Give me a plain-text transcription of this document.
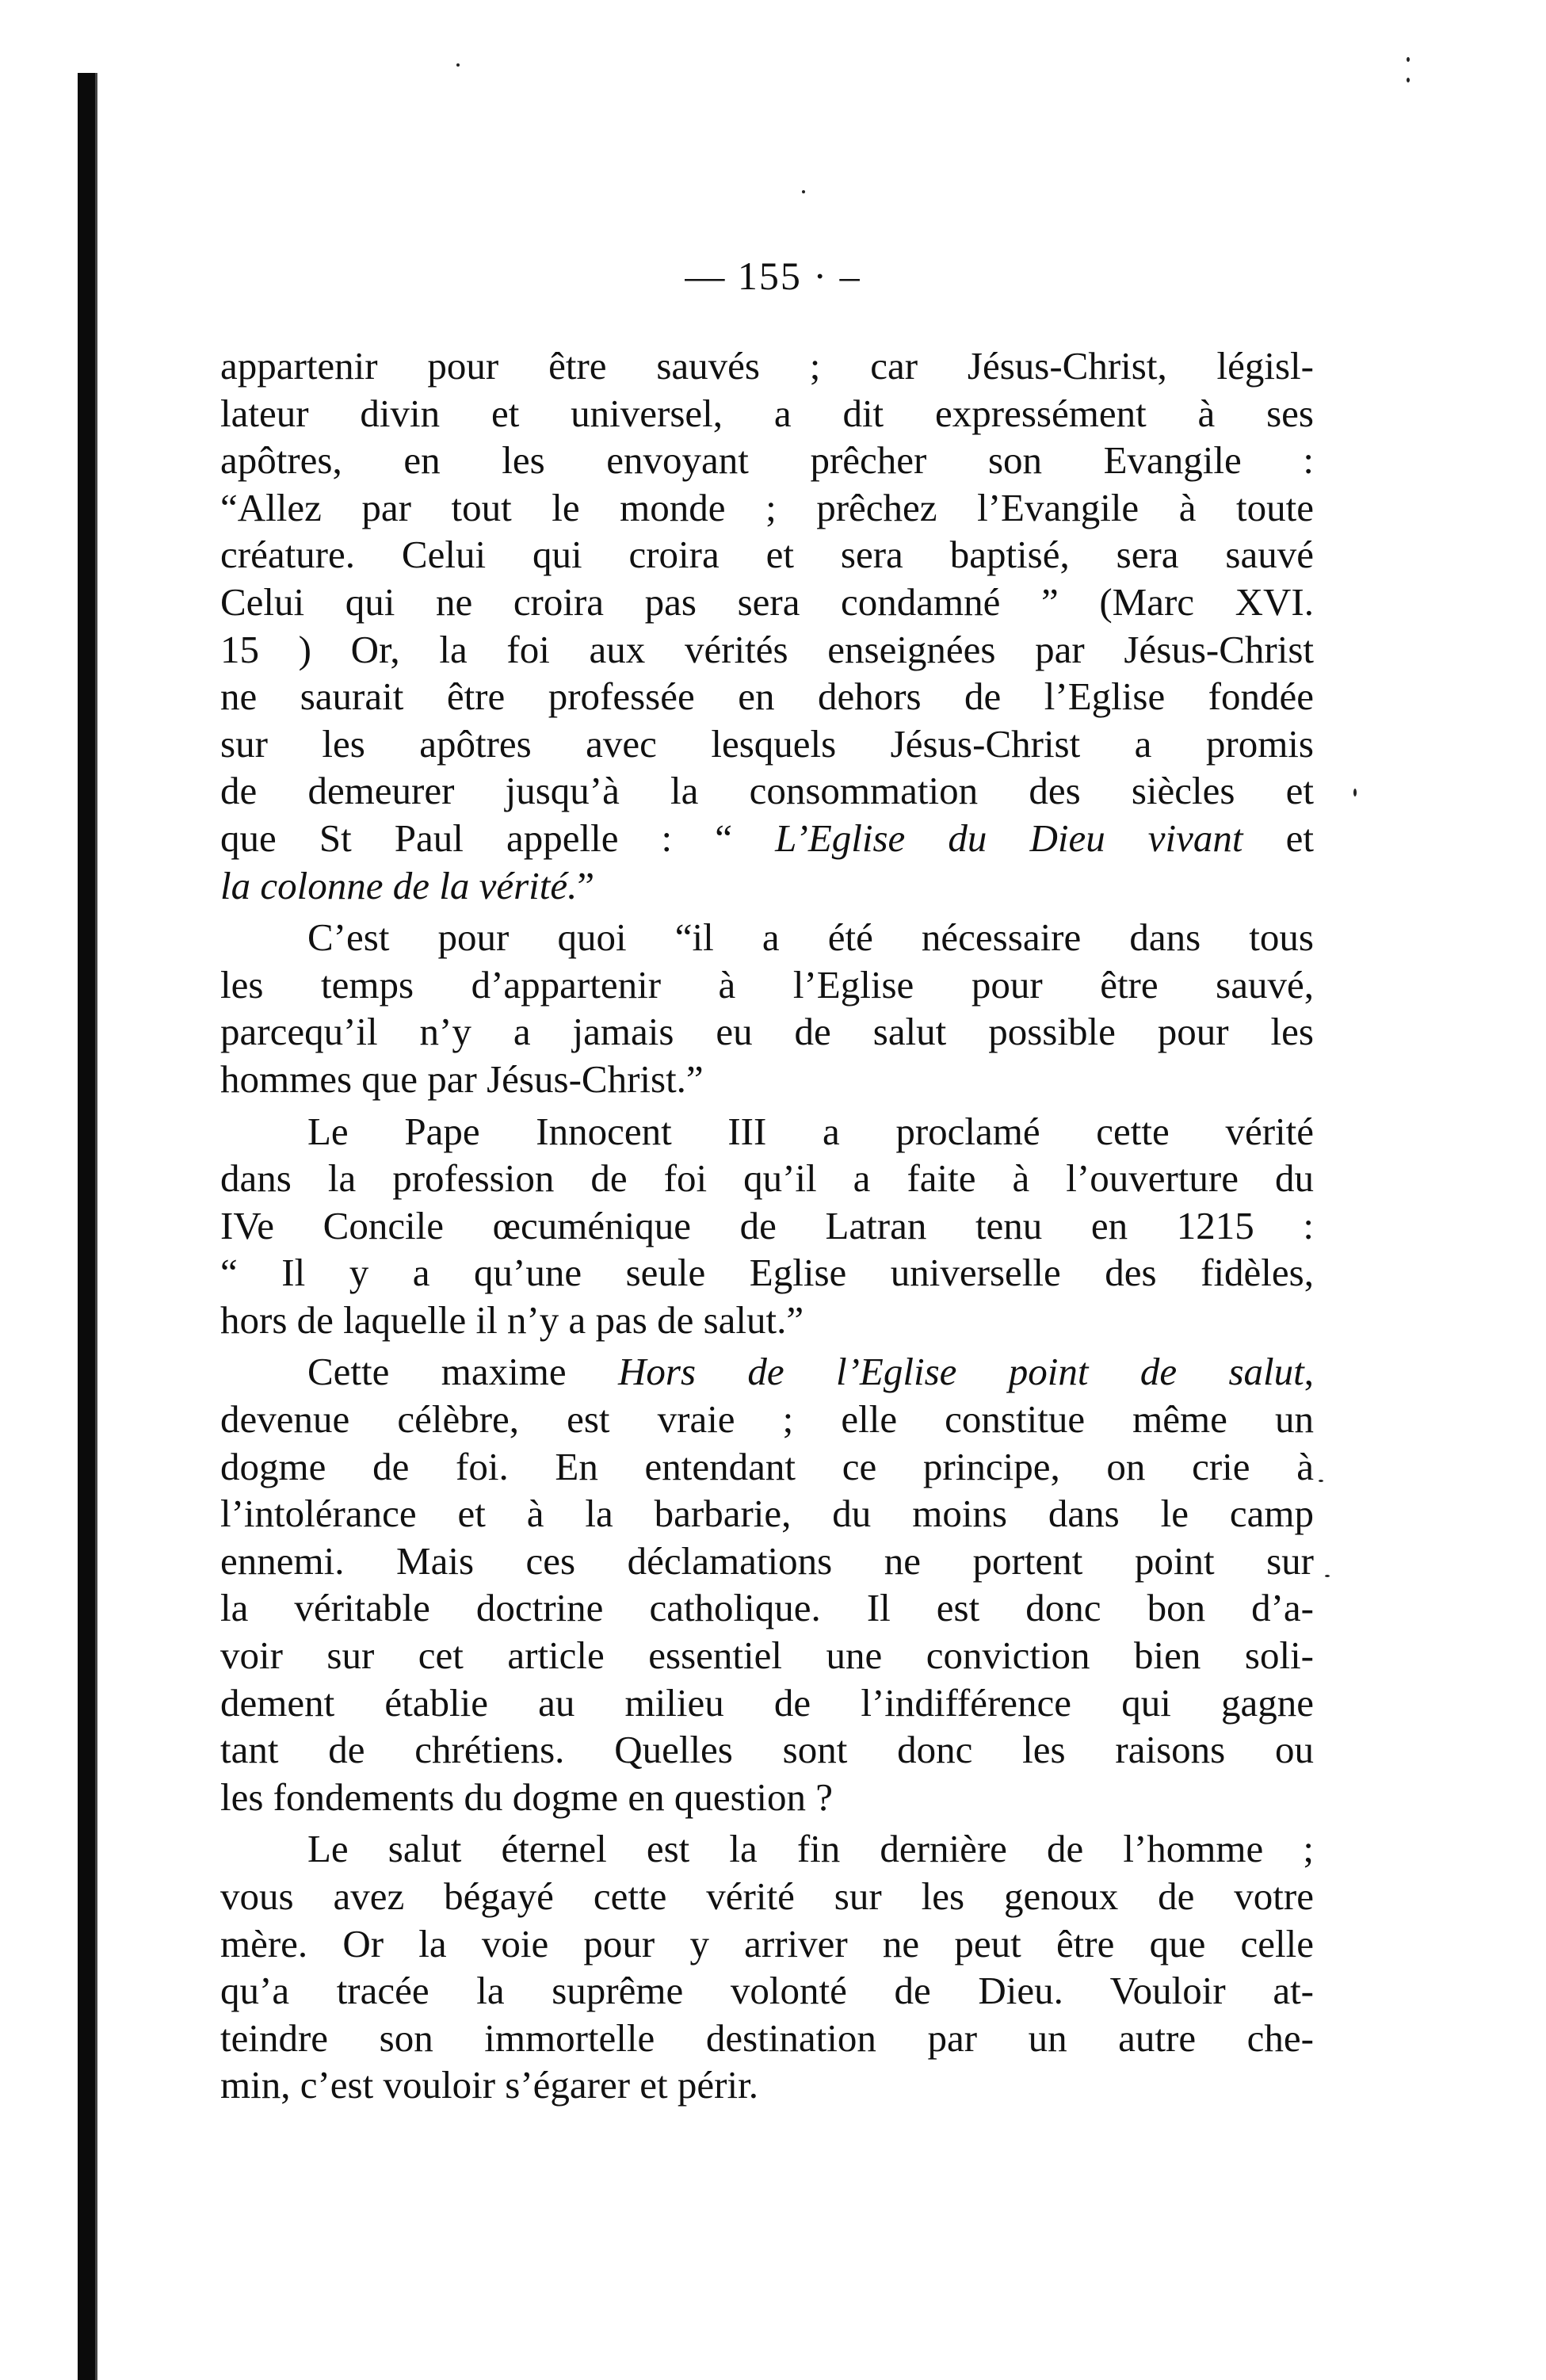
— 155 · –
appartenir pour être sauvés ; car Jésus-Christ, législ-
lateur divin et universel, a dit expressément à ses
apôtres, en les envoyant prêcher son Evangile :
“Allez par tout le monde ; prêchez l’Evangile à toute
créature. Celui qui croira et sera baptisé, sera sauvé
Celui qui ne croira pas sera condamné ” (Marc XVI.
15 ) Or, la foi aux vérités enseignées par Jésus-Christ
ne saurait être professée en dehors de l’Eglise fondée
sur les apôtres avec lesquels Jésus-Christ a promis
de demeurer jusqu’à la consommation des siècles et
que St Paul appelle : “ L’Eglise du Dieu vivant et
la colonne de la vérité.”
C’est pour quoi “il a été nécessaire dans tous
les temps d’appartenir à l’Eglise pour être sauvé,
parcequ’il n’y a jamais eu de salut possible pour les
hommes que par Jésus-Christ.”
Le Pape Innocent III a proclamé cette vérité
dans la profession de foi qu’il a faite à l’ouverture du
IVe Concile œcuménique de Latran tenu en 1215 :
“ Il y a qu’une seule Eglise universelle des fidèles,
hors de laquelle il n’y a pas de salut.”
Cette maxime Hors de l’Eglise point de salut,
devenue célèbre, est vraie ; elle constitue même un
dogme de foi. En entendant ce principe, on crie à
l’intolérance et à la barbarie, du moins dans le camp
ennemi. Mais ces déclamations ne portent point sur
la véritable doctrine catholique. Il est donc bon d’a-
voir sur cet article essentiel une conviction bien soli-
dement établie au milieu de l’indifférence qui gagne
tant de chrétiens. Quelles sont donc les raisons ou
les fondements du dogme en question ?
Le salut éternel est la fin dernière de l’homme ;
vous avez bégayé cette vérité sur les genoux de votre
mère. Or la voie pour y arriver ne peut être que celle
qu’a tracée la suprême volonté de Dieu. Vouloir at-
teindre son immortelle destination par un autre che-
min, c’est vouloir s’égarer et périr.
